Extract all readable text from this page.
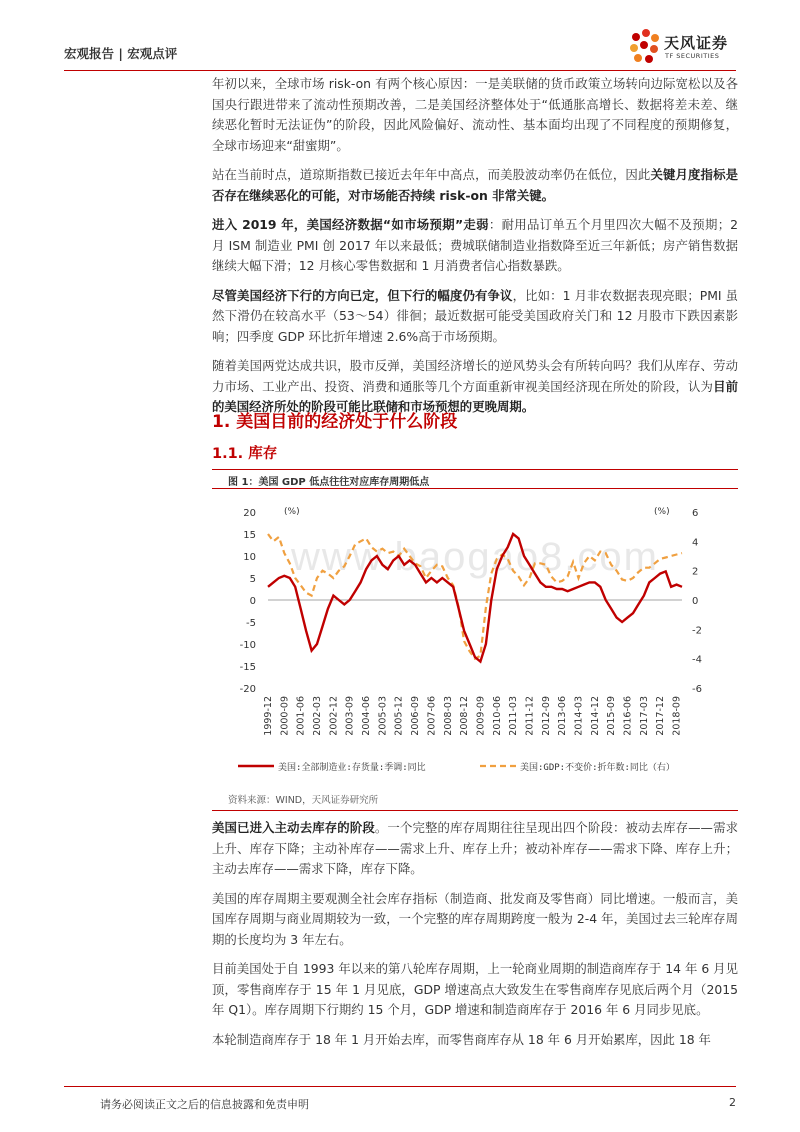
宏观报告 | 宏观点评
天风证券
TF SECURITIES

年初以来，全球市场 risk-on 有两个核心原因：一是美联储的货币政策立场转向边际宽松以及各国央行跟进带来了流动性预期改善，二是美国经济整体处于“低通胀高增长、数据将差未差、继续恶化暂时无法证伪”的阶段，因此风险偏好、流动性、基本面均出现了不同程度的预期修复，全球市场迎来“甜蜜期”。

站在当前时点，道琼斯指数已接近去年年中高点，而美股波动率仍在低位，因此关键月度指标是否存在继续恶化的可能，对市场能否持续 risk-on 非常关键。

进入 2019 年，美国经济数据“如市场预期”走弱：耐用品订单五个月里四次大幅不及预期；2 月 ISM 制造业 PMI 创 2017 年以来最低；费城联储制造业指数降至近三年新低；房产销售数据继续大幅下滑；12 月核心零售数据和 1 月消费者信心指数暴跌。

尽管美国经济下行的方向已定，但下行的幅度仍有争议，比如：1 月非农数据表现亮眼；PMI 虽然下滑仍在较高水平（53～54）徘徊；最近数据可能受美国政府关门和 12 月股市下跌因素影响；四季度 GDP 环比折年增速 2.6%高于市场预期。

随着美国两党达成共识，股市反弹，美国经济增长的逆风势头会有所转向吗？我们从库存、劳动力市场、工业产出、投资、消费和通胀等几个方面重新审视美国经济现在所处的阶段，认为目前的美国经济所处的阶段可能比联储和市场预想的更晚周期。

1. 美国目前的经济处于什么阶段
1.1. 库存
图 1：美国 GDP 低点往往对应库存周期低点
www.baogao8.com
(%)	(%)
20
15
10
5
0
-5
-10
-15
-20
6
4
2
0
-2
-4
-6
1999-12 2000-09 2001-06 2002-03 2002-12 2003-09 2004-06 2005-03 2005-12 2006-09 2007-06 2008-03 2008-12 2009-09 2010-06 2011-03 2011-12 2012-09 2013-06 2014-03 2014-12 2015-09 2016-06 2017-03 2017-12 2018-09
美国:全部制造业:存货量:季调:同比	美国:GDP:不变价:折年数:同比（右）
资料来源：WIND，天风证券研究所

美国已进入主动去库存的阶段。一个完整的库存周期往往呈现出四个阶段：被动去库存——需求上升、库存下降；主动补库存——需求上升、库存上升；被动补库存——需求下降、库存上升；主动去库存——需求下降，库存下降。

美国的库存周期主要观测全社会库存指标（制造商、批发商及零售商）同比增速。一般而言，美国库存周期与商业周期较为一致，一个完整的库存周期跨度一般为 2-4 年，美国过去三轮库存周期的长度均为 3 年左右。

目前美国处于自 1993 年以来的第八轮库存周期，上一轮商业周期的制造商库存于 14 年 6 月见顶，零售商库存于 15 年 1 月见底，GDP 增速高点大致发生在零售商库存见底后两个月（2015 年 Q1）。库存周期下行期约 15 个月，GDP 增速和制造商库存于 2016 年 6 月同步见底。

本轮制造商库存于 18 年 1 月开始去库，而零售商库存从 18 年 6 月开始累库，因此 18 年

请务必阅读正文之后的信息披露和免责申明	2
